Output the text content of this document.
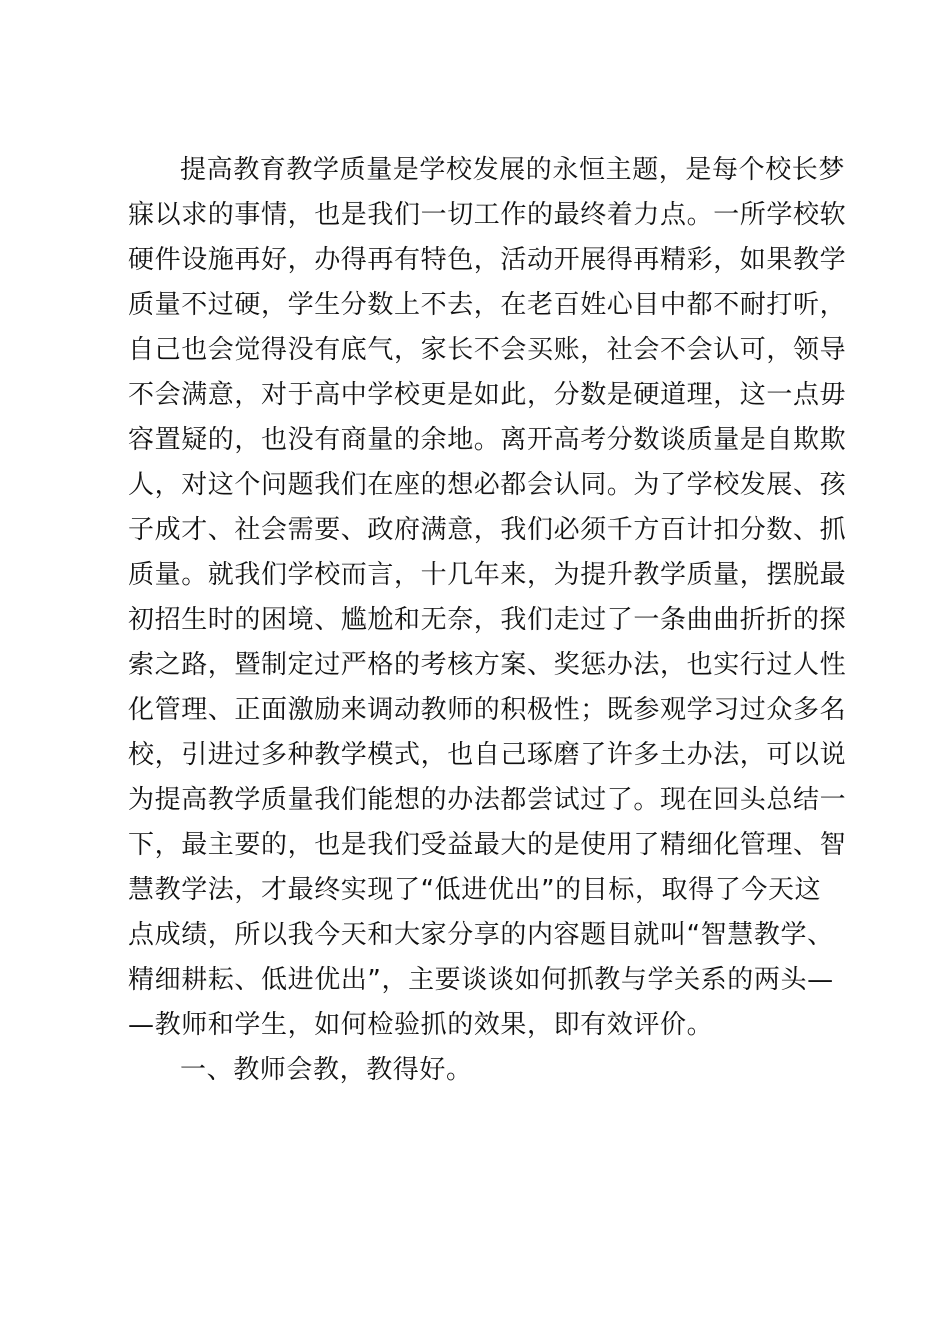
提高教育教学质量是学校发展的永恒主题，是每个校长梦
寐以求的事情，也是我们一切工作的最终着力点。一所学校软
硬件设施再好，办得再有特色，活动开展得再精彩，如果教学
质量不过硬，学生分数上不去，在老百姓心目中都不耐打听，
自己也会觉得没有底气，家长不会买账，社会不会认可，领导
不会满意，对于高中学校更是如此，分数是硬道理，这一点毋
容置疑的，也没有商量的余地。离开高考分数谈质量是自欺欺
人，对这个问题我们在座的想必都会认同。为了学校发展、孩
子成才、社会需要、政府满意，我们必须千方百计扣分数、抓
质量。就我们学校而言，十几年来，为提升教学质量，摆脱最
初招生时的困境、尴尬和无奈，我们走过了一条曲曲折折的探
索之路，暨制定过严格的考核方案、奖惩办法，也实行过人性
化管理、正面激励来调动教师的积极性；既参观学习过众多名
校，引进过多种教学模式，也自己琢磨了许多土办法，可以说
为提高教学质量我们能想的办法都尝试过了。现在回头总结一
下，最主要的，也是我们受益最大的是使用了精细化管理、智
慧教学法，才最终实现了“低进优出”的目标，取得了今天这
点成绩，所以我今天和大家分享的内容题目就叫“智慧教学、
精细耕耘、低进优出”，主要谈谈如何抓教与学关系的两头—
—教师和学生，如何检验抓的效果，即有效评价。
一、教师会教，教得好。
